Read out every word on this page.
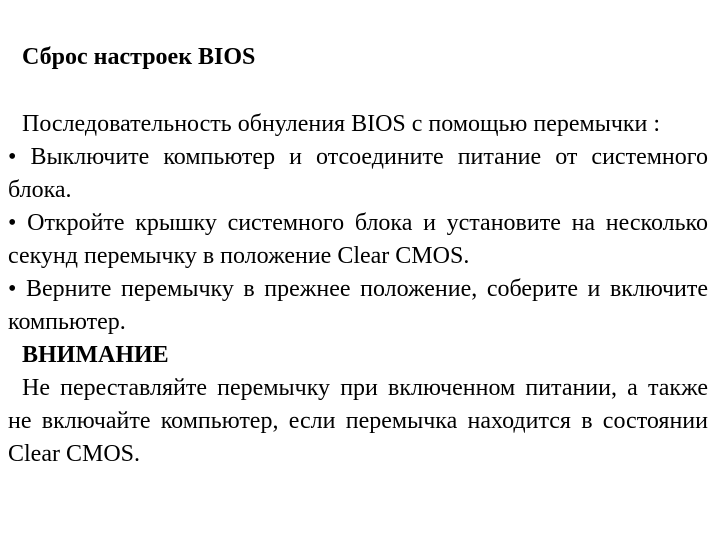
Сброс настроек BIOS

Последовательность обнуления BIOS с помощью перемычки :

• Выключите компьютер и отсоедините питание от системного блока.

• Откройте крышку системного блока и установите на несколько секунд перемычку в положение Clear CMOS.

• Верните перемычку в прежнее положение, соберите и включите компьютер.

ВНИМАНИЕ

Не переставляйте перемычку при включенном питании, а также не включайте компьютер, если перемычка находится в состоянии Clear CMOS.
